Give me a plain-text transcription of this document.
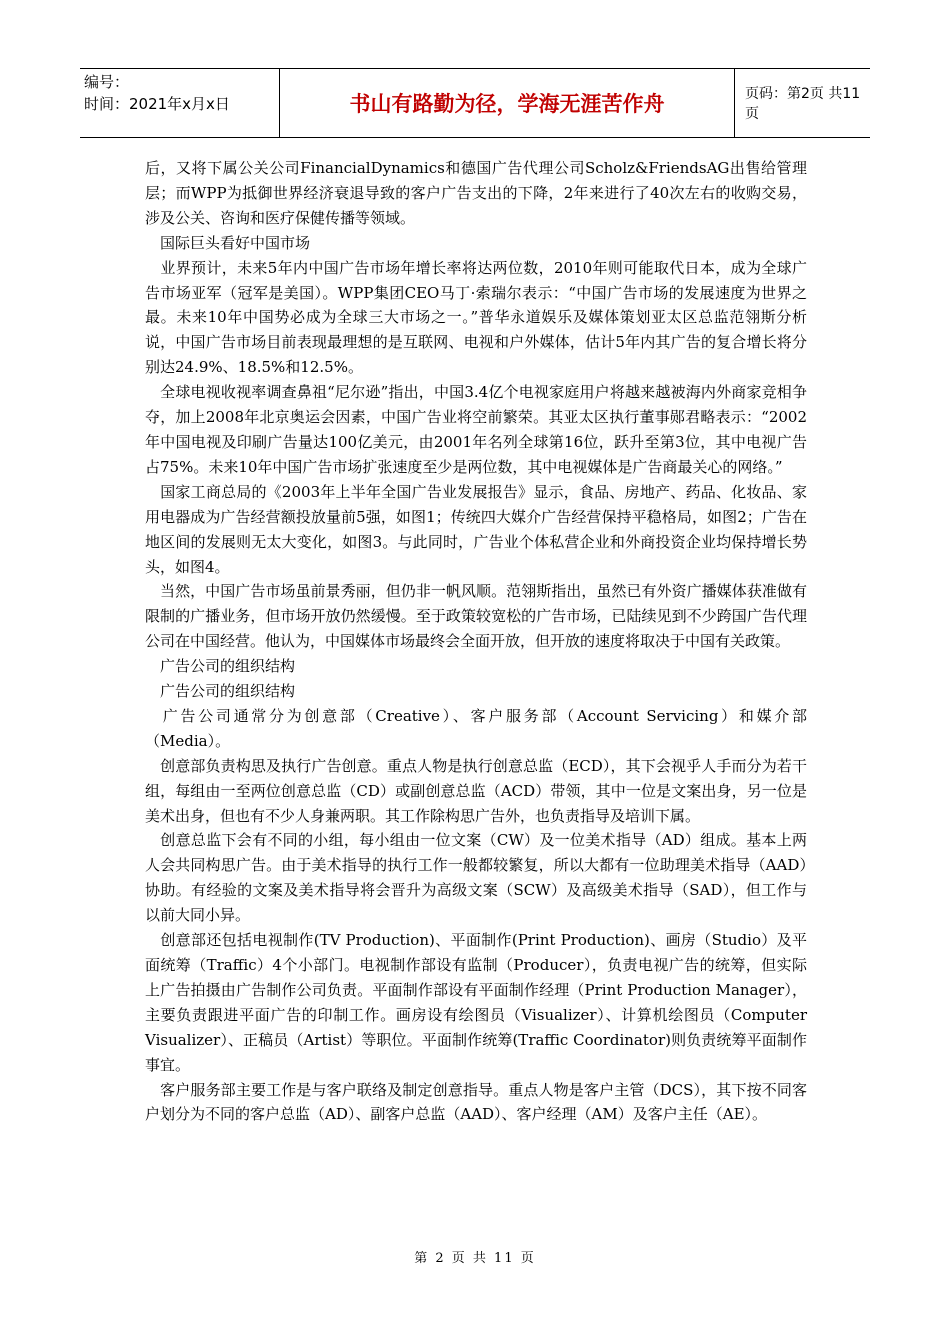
编号：
时间：2021年x月x日	书山有路勤为径，学海无涯苦作舟	页码：第2页 共11页

后，又将下属公关公司FinancialDynamics和德国广告代理公司Scholz&FriendsAG出售给管理层；而WPP为抵御世界经济衰退导致的客户广告支出的下降，2年来进行了40次左右的收购交易，涉及公关、咨询和医疗保健传播等领域。

　国际巨头看好中国市场

　业界预计，未来5年内中国广告市场年增长率将达两位数，2010年则可能取代日本，成为全球广告市场亚军（冠军是美国）。WPP集团CEO马丁·索瑞尔表示：“中国广告市场的发展速度为世界之最。未来10年中国势必成为全球三大市场之一。”普华永道娱乐及媒体策划亚太区总监范翎斯分析说，中国广告市场目前表现最理想的是互联网、电视和户外媒体，估计5年内其广告的复合增长将分别达24.9%、18.5%和12.5%。

　全球电视收视率调查鼻祖“尼尔逊”指出，中国3.4亿个电视家庭用户将越来越被海内外商家竞相争夺，加上2008年北京奥运会因素，中国广告业将空前繁荣。其亚太区执行董事郧君略表示：“2002年中国电视及印刷广告量达100亿美元，由2001年名列全球第16位，跃升至第3位，其中电视广告占75%。未来10年中国广告市场扩张速度至少是两位数，其中电视媒体是广告商最关心的网络。”

　国家工商总局的《2003年上半年全国广告业发展报告》显示，食品、房地产、药品、化妆品、家用电器成为广告经营额投放量前5强，如图1；传统四大媒介广告经营保持平稳格局，如图2；广告在地区间的发展则无太大变化，如图3。与此同时，广告业个体私营企业和外商投资企业均保持增长势头，如图4。

　当然，中国广告市场虽前景秀丽，但仍非一帆风顺。范翎斯指出，虽然已有外资广播媒体获准做有限制的广播业务，但市场开放仍然缓慢。至于政策较宽松的广告市场，已陆续见到不少跨国广告代理公司在中国经营。他认为，中国媒体市场最终会全面开放，但开放的速度将取决于中国有关政策。

　广告公司的组织结构

　广告公司的组织结构

　广告公司通常分为创意部（Creative）、客户服务部（Account Servicing）和媒介部（Media）。

　创意部负责构思及执行广告创意。重点人物是执行创意总监（ECD），其下会视乎人手而分为若干组，每组由一至两位创意总监（CD）或副创意总监（ACD）带领，其中一位是文案出身，另一位是美术出身，但也有不少人身兼两职。其工作除构思广告外，也负责指导及培训下属。

　创意总监下会有不同的小组，每小组由一位文案（CW）及一位美术指导（AD）组成。基本上两人会共同构思广告。由于美术指导的执行工作一般都较繁复，所以大都有一位助理美术指导（AAD）协助。有经验的文案及美术指导将会晋升为高级文案（SCW）及高级美术指导（SAD），但工作与以前大同小异。

　创意部还包括电视制作(TV Production)、平面制作(Print Production)、画房（Studio）及平面统筹（Traffic）4个小部门。电视制作部设有监制（Producer），负责电视广告的统筹，但实际上广告拍摄由广告制作公司负责。平面制作部设有平面制作经理（Print Production Manager），主要负责跟进平面广告的印制工作。画房设有绘图员（Visualizer）、计算机绘图员（Computer Visualizer）、正稿员（Artist）等职位。平面制作统筹(Traffic Coordinator)则负责统筹平面制作事宜。

　客户服务部主要工作是与客户联络及制定创意指导。重点人物是客户主管（DCS），其下按不同客户划分为不同的客户总监（AD）、副客户总监（AAD）、客户经理（AM）及客户主任（AE）。

第 2 页 共 11 页
